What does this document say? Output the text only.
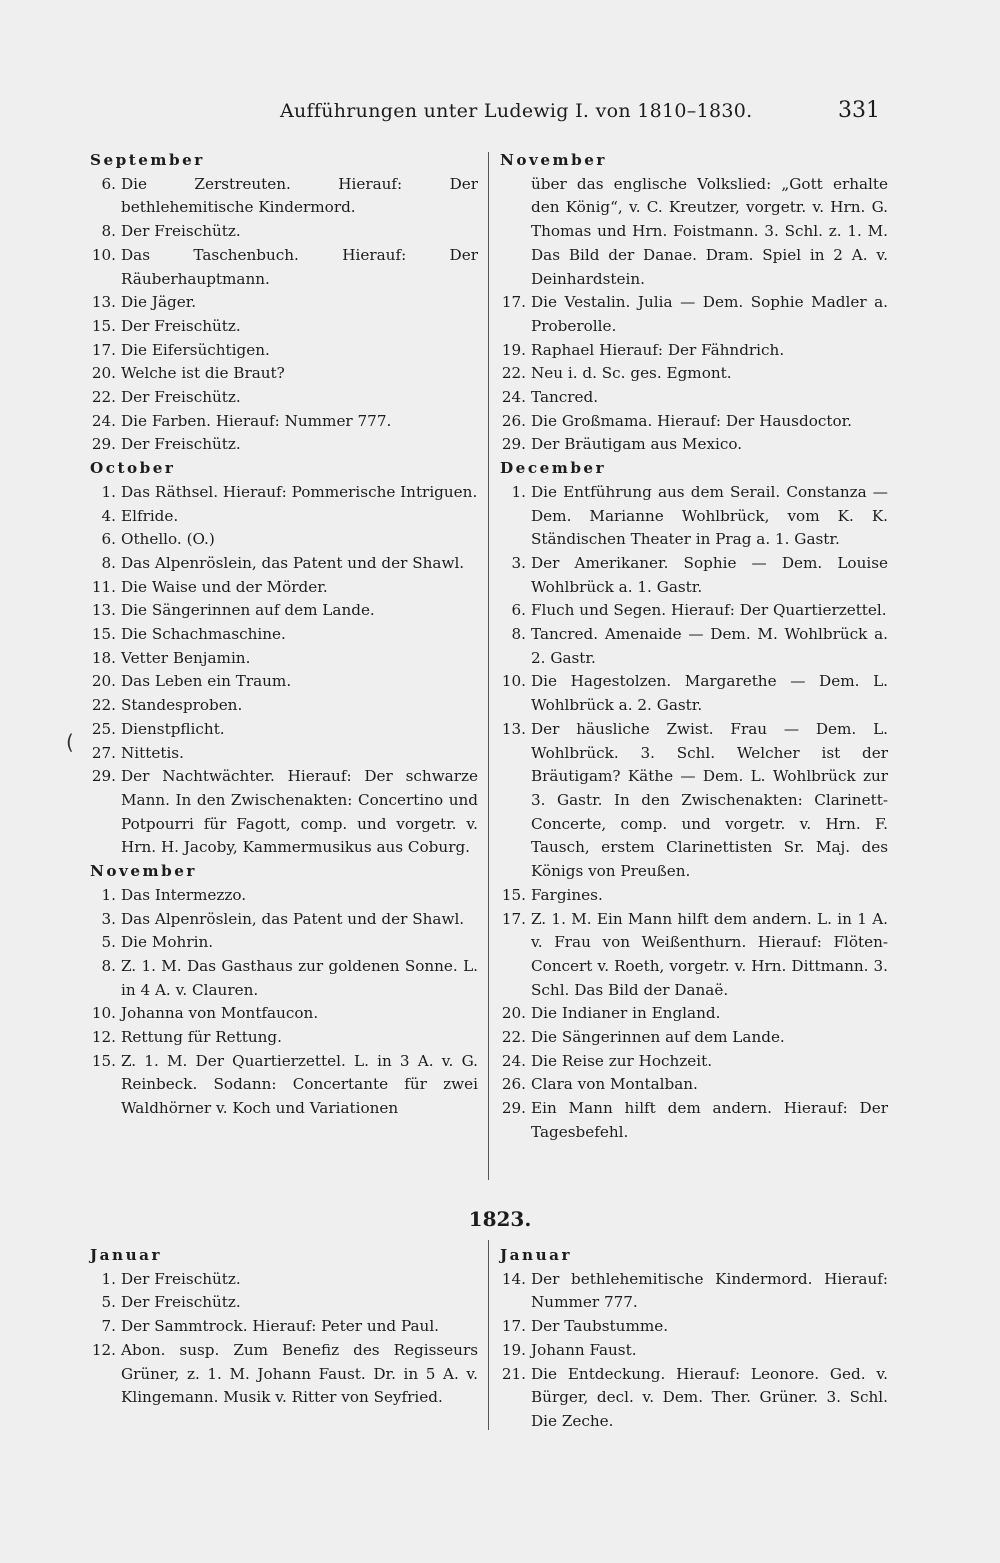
Aufführungen unter Ludewig I. von 1810–1830.	331
(
September

6. Die Zerstreuten. Hierauf: Der bethlehemitische Kindermord.

8. Der Freischütz.

10. Das Taschenbuch. Hierauf: Der Räuberhauptmann.

13. Die Jäger.

15. Der Freischütz.

17. Die Eifersüchtigen.

20. Welche ist die Braut?

22. Der Freischütz.

24. Die Farben. Hierauf: Nummer 777.

29. Der Freischütz.

October

1. Das Räthsel. Hierauf: Pommerische Intriguen.

4. Elfride.

6. Othello. (O.)

8. Das Alpenröslein, das Patent und der Shawl.

11. Die Waise und der Mörder.

13. Die Sängerinnen auf dem Lande.

15. Die Schachmaschine.

18. Vetter Benjamin.

20. Das Leben ein Traum.

22. Standesproben.

25. Dienstpflicht.

27. Nittetis.

29. Der Nachtwächter. Hierauf: Der schwarze Mann. In den Zwischenakten: Concertino und Potpourri für Fagott, comp. und vorgetr. v. Hrn. H. Jacoby, Kammermusikus aus Coburg.

November

1. Das Intermezzo.

3. Das Alpenröslein, das Patent und der Shawl.

5. Die Mohrin.

8. Z. 1. M. Das Gasthaus zur goldenen Sonne. L. in 4 A. v. Clauren.

10. Johanna von Montfaucon.

12. Rettung für Rettung.

15. Z. 1. M. Der Quartierzettel. L. in 3 A. v. G. Reinbeck. Sodann: Concertante für zwei Waldhörner v. Koch und Variationen

November

über das englische Volkslied: „Gott erhalte den König“, v. C. Kreutzer, vorgetr. v. Hrn. G. Thomas und Hrn. Foistmann. 3. Schl. z. 1. M. Das Bild der Danae. Dram. Spiel in 2 A. v. Deinhardstein.

17. Die Vestalin. Julia — Dem. Sophie Madler a. Proberolle.

19. Raphael Hierauf: Der Fähndrich.

22. Neu i. d. Sc. ges. Egmont.

24. Tancred.

26. Die Großmama. Hierauf: Der Hausdoctor.

29. Der Bräutigam aus Mexico.

December

1. Die Entführung aus dem Serail. Constanza — Dem. Marianne Wohlbrück, vom K. K. Ständischen Theater in Prag a. 1. Gastr.

3. Der Amerikaner. Sophie — Dem. Louise Wohlbrück a. 1. Gastr.

6. Fluch und Segen. Hierauf: Der Quartierzettel.

8. Tancred. Amenaide — Dem. M. Wohlbrück a. 2. Gastr.

10. Die Hagestolzen. Margarethe — Dem. L. Wohlbrück a. 2. Gastr.

13. Der häusliche Zwist. Frau — Dem. L. Wohlbrück. 3. Schl. Welcher ist der Bräutigam? Käthe — Dem. L. Wohlbrück zur 3. Gastr. In den Zwischenakten: Clarinett-Concerte, comp. und vorgetr. v. Hrn. F. Tausch, erstem Clarinettisten Sr. Maj. des Königs von Preußen.

15. Fargines.

17. Z. 1. M. Ein Mann hilft dem andern. L. in 1 A. v. Frau von Weißenthurn. Hierauf: Flöten-Concert v. Roeth, vorgetr. v. Hrn. Dittmann. 3. Schl. Das Bild der Danaë.

20. Die Indianer in England.

22. Die Sängerinnen auf dem Lande.

24. Die Reise zur Hochzeit.

26. Clara von Montalban.

29. Ein Mann hilft dem andern. Hierauf: Der Tagesbefehl.

1823.
Januar

1. Der Freischütz.

5. Der Freischütz.

7. Der Sammtrock. Hierauf: Peter und Paul.

12. Abon. susp. Zum Benefiz des Regisseurs Grüner, z. 1. M. Johann Faust. Dr. in 5 A. v. Klingemann. Musik v. Ritter von Seyfried.

Januar

14. Der bethlehemitische Kindermord. Hierauf: Nummer 777.

17. Der Taubstumme.

19. Johann Faust.

21. Die Entdeckung. Hierauf: Leonore. Ged. v. Bürger, decl. v. Dem. Ther. Grüner. 3. Schl. Die Zeche.
